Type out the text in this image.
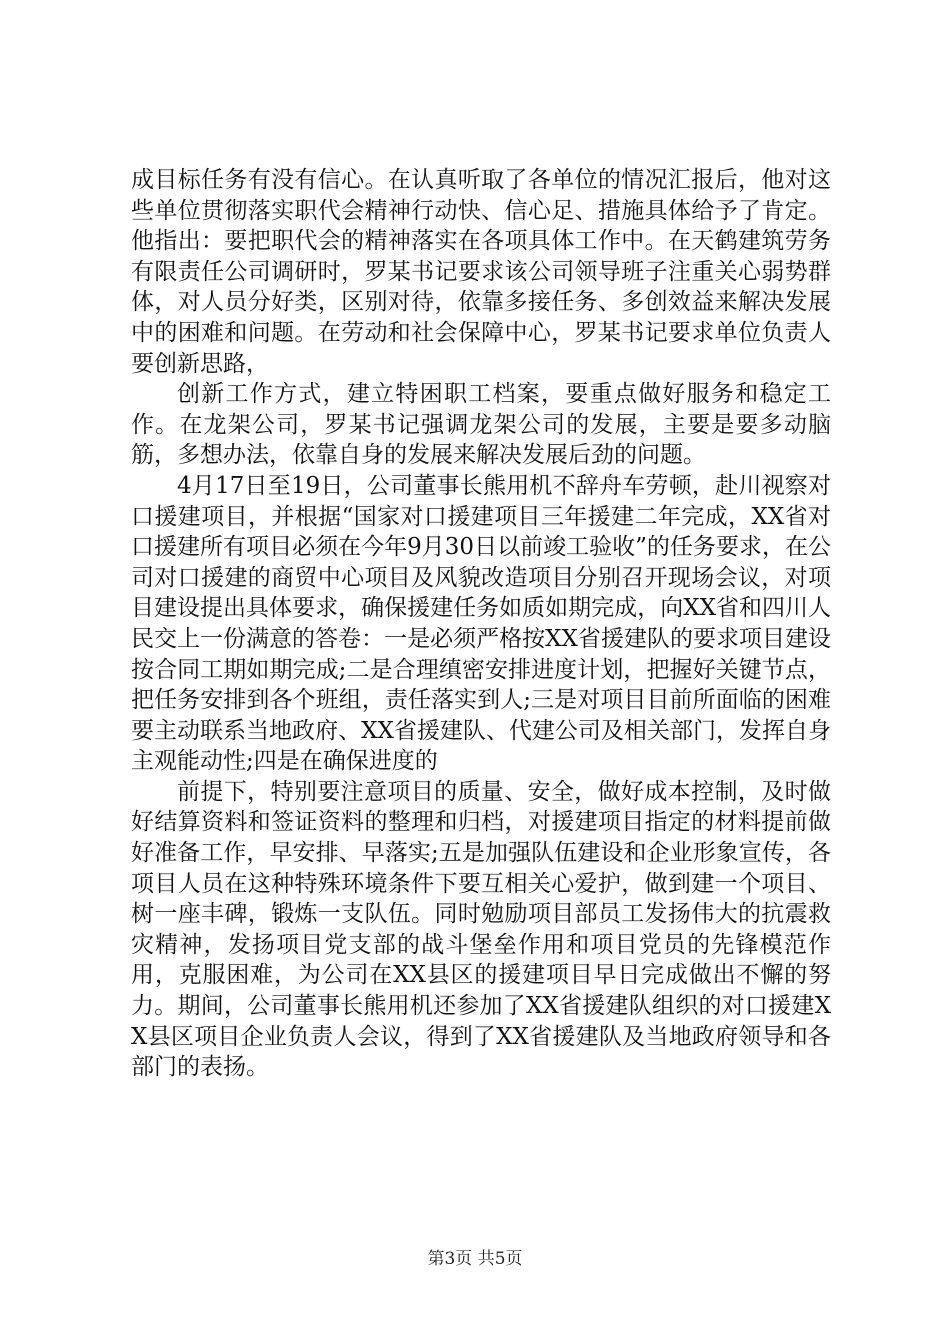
成目标任务有没有信心。在认真听取了各单位的情况汇报后，他对这些单位贯彻落实职代会精神行动快、信心足、措施具体给予了肯定。他指出：要把职代会的精神落实在各项具体工作中。在天鹤建筑劳务有限责任公司调研时，罗某书记要求该公司领导班子注重关心弱势群体，对人员分好类，区别对待，依靠多接任务、多创效益来解决发展中的困难和问题。在劳动和社会保障中心，罗某书记要求单位负责人要创新思路，

创新工作方式，建立特困职工档案，要重点做好服务和稳定工作。在龙架公司，罗某书记强调龙架公司的发展，主要是要多动脑筋，多想办法，依靠自身的发展来解决发展后劲的问题。

4月17日至19日，公司董事长熊用机不辞舟车劳顿，赴川视察对口援建项目，并根据“国家对口援建项目三年援建二年完成，XX省对口援建所有项目必须在今年9月30日以前竣工验收”的任务要求，在公司对口援建的商贸中心项目及风貌改造项目分别召开现场会议，对项目建设提出具体要求，确保援建任务如质如期完成，向XX省和四川人民交上一份满意的答卷：一是必须严格按XX省援建队的要求项目建设按合同工期如期完成;二是合理缜密安排进度计划，把握好关键节点，把任务安排到各个班组，责任落实到人;三是对项目目前所面临的困难要主动联系当地政府、XX省援建队、代建公司及相关部门，发挥自身主观能动性;四是在确保进度的

前提下，特别要注意项目的质量、安全，做好成本控制，及时做好结算资料和签证资料的整理和归档，对援建项目指定的材料提前做好准备工作，早安排、早落实;五是加强队伍建设和企业形象宣传，各项目人员在这种特殊环境条件下要互相关心爱护，做到建一个项目、树一座丰碑，锻炼一支队伍。同时勉励项目部员工发扬伟大的抗震救灾精神，发扬项目党支部的战斗堡垒作用和项目党员的先锋模范作用，克服困难，为公司在XX县区的援建项目早日完成做出不懈的努力。期间，公司董事长熊用机还参加了XX省援建队组织的对口援建XX县区项目企业负责人会议，得到了XX省援建队及当地政府领导和各部门的表扬。

第3页 共5页
